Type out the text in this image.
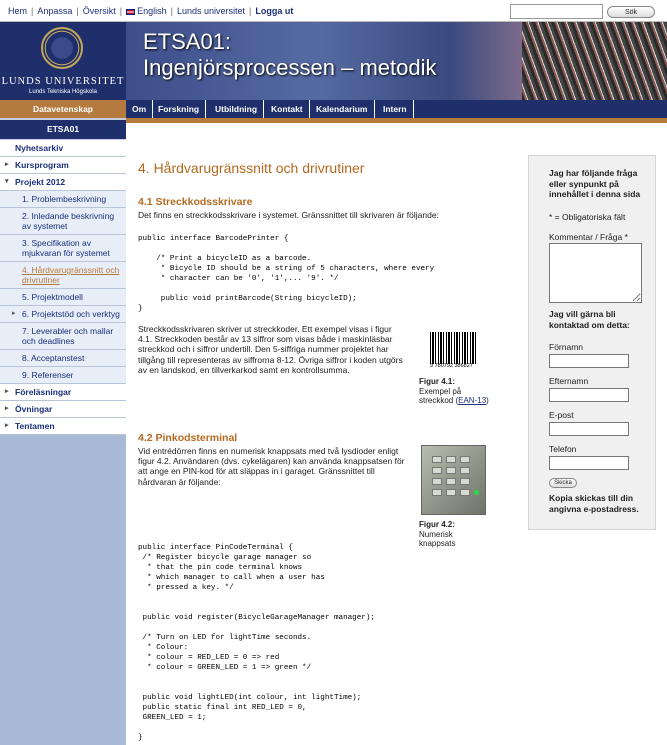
Hem | Anpassa | Översikt | English | Lunds universitet | Logga ut	Sök
LUNDS UNIVERSITET
Lunds Tekniska Högskola
ETSA01:
Ingenjörsprocessen – metodik
Om	Forskning	Utbildning	Kontakt	Kalendarium	Intern
Datavetenskap
ETSA01
Nyhetsarkiv
▸ Kursprogram
▾ Projekt 2012
1. Problembeskrivning
2. Inledande beskrivning av systemet
3. Specifikation av mjukvaran för systemet
4. Hårdvarugränssnitt och drivrutiner
5. Projektmodell
▸ 6. Projektstöd och verktyg
7. Leverabler och mallar och deadlines
8. Acceptanstest
9. Referenser
▸ Föreläsningar
▸ Övningar
▸ Tentamen
4. Hårdvarugränssnitt och drivrutiner
4.1 Streckkodsskrivare
Det finns en streckkodsskrivare i systemet. Gränssnittet till skrivaren är följande:
public interface BarcodePrinter {

/* Print a bicycleID as a barcode.
* Bicycle ID should be a string of 5 characters, where every
* character can be '0', '1',... '9'. */

public void printBarcode(String bicycleID);
}
Streckkodsskrivaren skriver ut streckkoder. Ett exempel visas i figur 4.1. Streckkoden består av 13 siffror som visas både i maskinläsbar streckkod och i siffror undertill. Den 5-siffriga nummer projektet har tillgång till representeras av siffrorna 8-12. Övriga siffror i koden utgörs av en landskod, en tillverkarkod samt en kontrollsumma.	9 780792 386827
Figur 4.1:
Exempel på streckkod (EAN-13)
4.2 Pinkodsterminal
Vid entrédörren finns en numerisk knappsats med två lysdioder enligt figur 4.2. Användaren (dvs. cykelägaren) kan använda knappsatsen för att ange en PIN-kod för att släppas in i garaget. Gränssnittet till hårdvaran är följande:
Figur 4.2:
Numerisk knappsats
public interface PinCodeTerminal {
/* Register bicycle garage manager so
* that the pin code terminal knows
* which manager to call when a user has
* pressed a key. */

public void register(BicycleGarageManager manager);

/* Turn on LED for lightTime seconds.
* Colour:
* colour = RED_LED = 0 => red
* colour = GREEN_LED = 1 => green */

public void lightLED(int colour, int lightTime);
public static final int RED_LED = 0,
GREEN_LED = 1;

}
Jag har följande fråga eller synpunkt på innehållet i denna sida
* = Obligatoriska fält
Kommentar / Fråga *
Jag vill gärna bli kontaktad om detta:
Förnamn
Efternamn
E-post
Telefon
Skicka
Kopia skickas till din angivna e-postadress.
